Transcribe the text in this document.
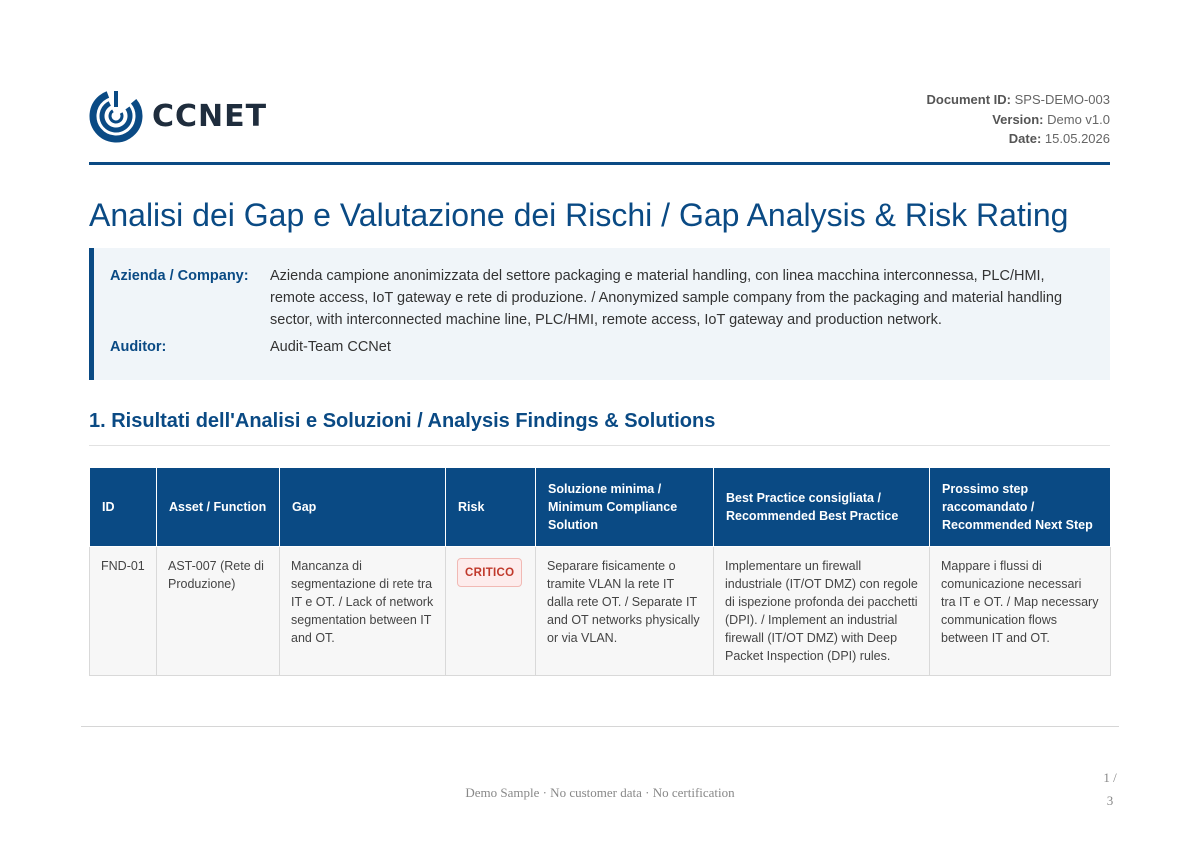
CCNET	Document ID: SPS-DEMO-003
Version: Demo v1.0
Date: 15.05.2026
Analisi dei Gap e Valutazione dei Rischi / Gap Analysis & Risk Rating
Azienda / Company:	Azienda campione anonimizzata del settore packaging e material handling, con linea macchina interconnessa, PLC/HMI, remote access, IoT gateway e rete di produzione. / Anonymized sample company from the packaging and material handling sector, with interconnected machine line, PLC/HMI, remote access, IoT gateway and production network.
Auditor:	Audit-Team CCNet
1. Risultati dell'Analisi e Soluzioni / Analysis Findings & Solutions
ID	Asset / Function	Gap	Risk	Soluzione minima / Minimum Compliance Solution	Best Practice consigliata / Recommended Best Practice	Prossimo step raccomandato / Recommended Next Step
FND-01	AST-007 (Rete di Produzione)	Mancanza di segmentazione di rete tra IT e OT. / Lack of network segmentation between IT and OT.	CRITICO	Separare fisicamente o tramite VLAN la rete IT dalla rete OT. / Separate IT and OT networks physically or via VLAN.	Implementare un firewall industriale (IT/OT DMZ) con regole di ispezione profonda dei pacchetti (DPI). / Implement an industrial firewall (IT/OT DMZ) with Deep Packet Inspection (DPI) rules.	Mappare i flussi di comunicazione necessari tra IT e OT. / Map necessary communication flows between IT and OT.
Demo Sample · No customer data · No certification
1 /
3
